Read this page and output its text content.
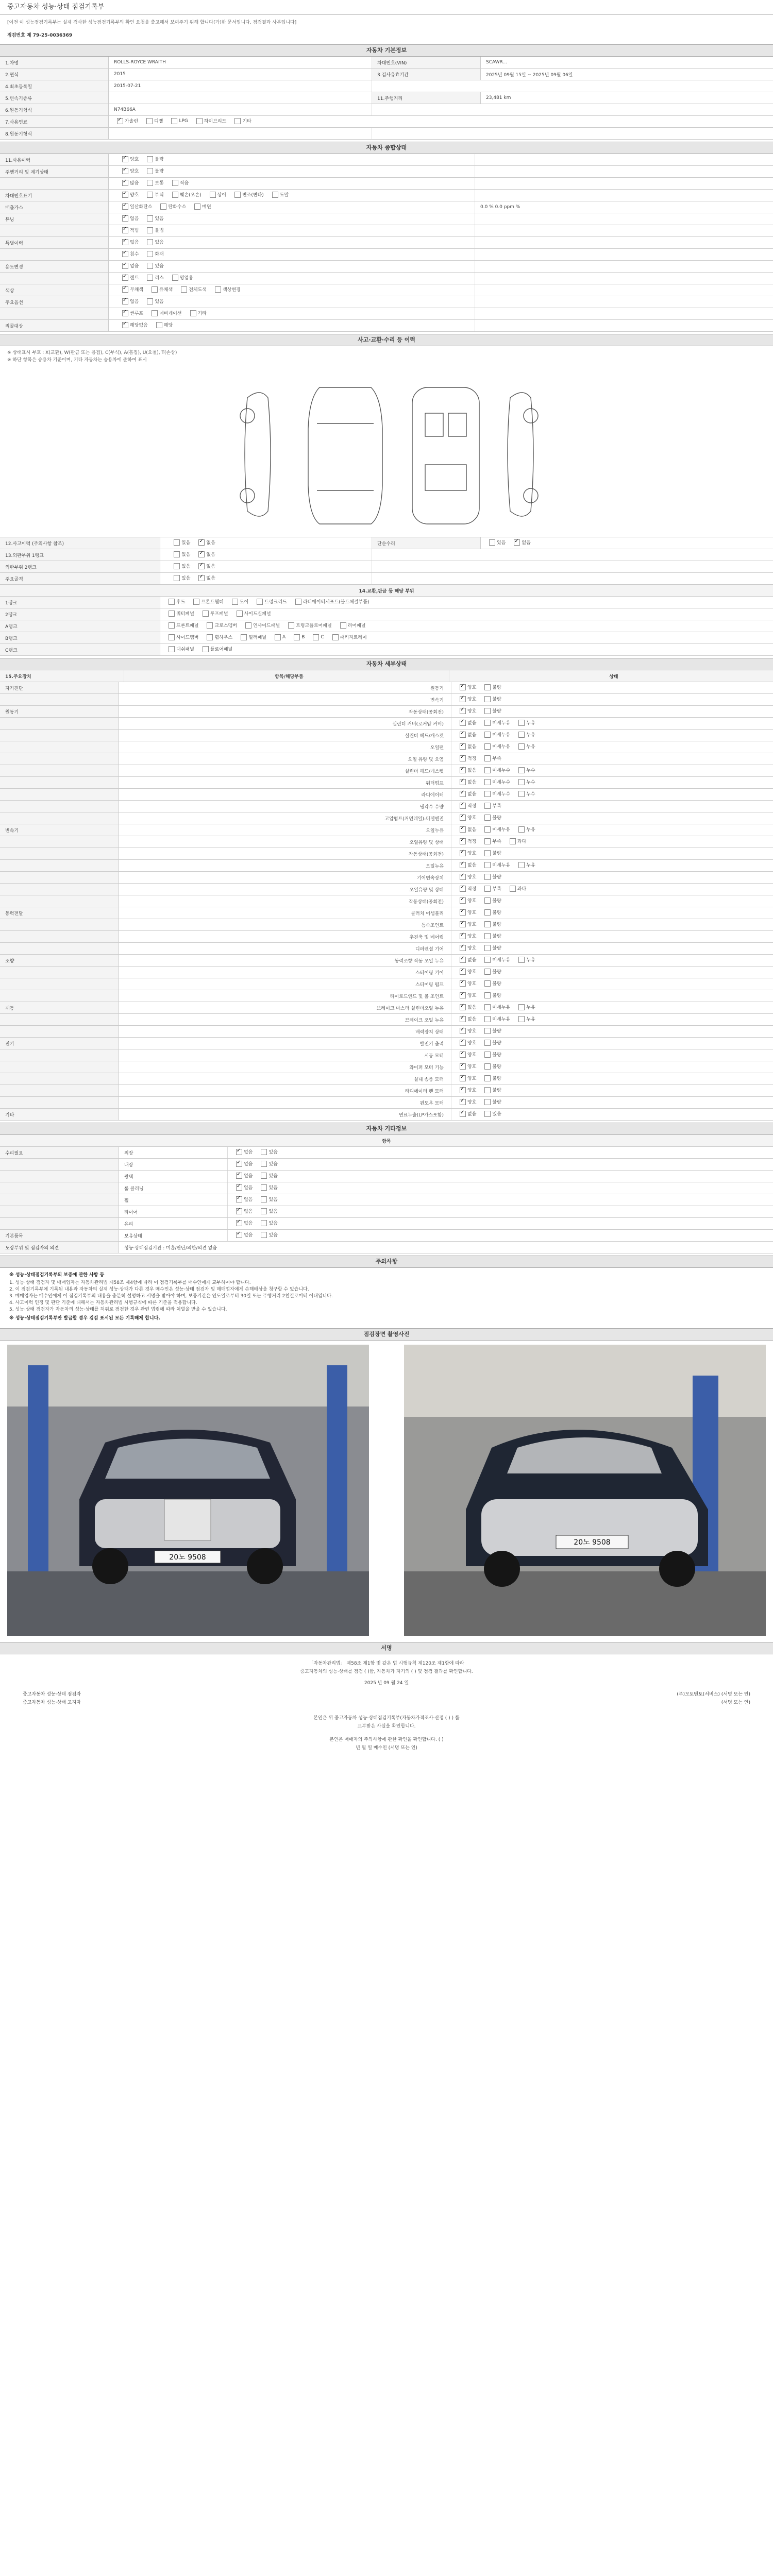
중고자동차 성능·상태 점검기록부
[이전 이 성능점검기록부는 실제 검사한 성능점검기록부의 확인 요청을 출고해서 보여주기 위해 합니다(가)한 문서입니다. 점검결과 사본입니다]
점검번호 제 79-25-0036369
자동차 기본정보
1.차명	ROLLS-ROYCE WRAITH	차대번호(VIN)	SCAWR...
2.연식	2015	3.검사유효기간	2025년 09월 15일 ~ 2025년 09월 06일
4.최초등록일	2015-07-21
5.변속기종류	11.주행거리	23,481 km
6.원동기형식	N74B66A
7.사용연료 ✓	가솔린	디젤	LPG	하이브리드	기타
8.원동기형식
자동차 종합상태
11.사용이력 ✓	양호	불량
주행거리 및 계기상태 ✓	양호	불량
✓
많음	보통	적음
차대번호표기 ✓	양호	부식	훼손(오손)	상이	변조(변타)	도말
배출가스 ✓	일산화탄소	탄화수소	매연	0.0 % 0.0 ppm %
튜닝 ✓	없음	있음
✓
적법	불법
특별이력 ✓	없음	있음
✓
침수	화재
용도변경 ✓	없음	있음
✓
렌트	리스	영업용
색상 ✓	무채색	유채색	전체도색	색상변경
주요옵션 ✓	없음	있음
✓
썬루프	네비게이션	기타
리콜대상 ✓	해당없음	해당
사고·교환·수리 등 이력
※ 상태표시 부호 : X(교환), W(판금 또는 용접), C(부식), A(흠집), U(요철), T(손상)
※ 하단 항목은 승용차 기준이며, 기타 자동차는 승용차에 준하여 표시
12.사고이력 (주의사항 참조)	있음 ✓	없음	단순수리	있음 ✓	없음
13.외판부위 1랭크	있음 ✓	없음
외판부위 2랭크	있음 ✓	없음
주요골격	있음 ✓	없음
14.교환,판금 등 해당 부위
1랭크	후드	프론트휀더	도어	트렁크리드	라디에이터서포트(볼트체결부품)
2랭크	쿼터패널	루프패널	사이드실패널
A랭크	프론트패널	크로스멤버	인사이드패널	트렁크플로어패널	리어패널
B랭크	사이드멤버	휠하우스	필러패널	A	B	C	패키지트레이
C랭크	대쉬패널	플로어패널
자동차 세부상태
15.주요장치	항목/해당부품	상태
자기진단	원동기 ✓	양호	불량
변속기 ✓	양호	불량
원동기	작동상태(공회전) ✓	양호	불량
실린더 커버(로커암 커버) ✓	없음	미세누유	누유
실린더 헤드/개스켓 ✓	없음	미세누유	누유
오일팬 ✓	없음	미세누유	누유
오일 유량 및 오염 ✓	적정	부족
실린더 헤드/개스켓 ✓	없음	미세누수	누수
워터펌프 ✓	없음	미세누수	누수
라디에이터 ✓	없음	미세누수	누수
냉각수 수량 ✓	적정	부족
고압펌프(커먼레일)-디젤엔진 ✓	양호	불량
변속기	오일누유 ✓	없음	미세누유	누유
오일유량 및 상태 ✓	적정	부족	과다
작동상태(공회전) ✓	양호	불량
오일누유 ✓	없음	미세누유	누유
기어변속장치 ✓	양호	불량
오일유량 및 상태 ✓	적정	부족	과다
작동상태(공회전) ✓	양호	불량
동력전달	클러치 어셈블리 ✓	양호	불량
등속조인트 ✓	양호	불량
추진축 및 베어링 ✓	양호	불량
디퍼렌셜 기어 ✓	양호	불량
조향	동력조향 작동 오일 누유 ✓	없음	미세누유	누유
스티어링 기어 ✓	양호	불량
스티어링 펌프 ✓	양호	불량
타이로드엔드 및 볼 조인트 ✓	양호	불량
제동	브레이크 마스터 실린더오일 누유 ✓	없음	미세누유	누유
브레이크 오일 누유 ✓	없음	미세누유	누유
배력장치 상태 ✓	양호	불량
전기	발전기 출력 ✓	양호	불량
시동 모터 ✓	양호	불량
와이퍼 모터 기능 ✓	양호	불량
실내 송풍 모터 ✓	양호	불량
라디에이터 팬 모터 ✓	양호	불량
윈도우 모터 ✓	양호	불량
기타	연료누출(LP가스포함) ✓	없음	있음
자동차 기타정보
항목
수리필요	외장 ✓	없음	있음
내장 ✓	없음	있음
광택 ✓	없음	있음
룸 클리닝 ✓	없음	있음
휠 ✓	없음	있음
타이어 ✓	없음	있음
유리 ✓	없음	있음
기본품목	보유상태 ✓	없음	있음
도장부위 및 점검자의 의견	성능·상태점검기관 : 미흡/판단/의한/의견 없음
주의사항
※ 성능·상태점검기록부의 보증에 관한 사항 등
1. 성능·상태 점검자 및 매매업자는 자동차관리법 제58조 제4항에 따라 이 점검기록부를 매수인에게 교부하여야 합니다.
2. 이 점검기록부에 기록된 내용과 자동차의 실제 성능·상태가 다른 경우 매수인은 성능·상태 점검자 및 매매업자에게 손해배상을 청구할 수 있습니다.
3. 매매업자는 매수인에게 이 점검기록부의 내용을 충분히 설명하고 서명을 받아야 하며, 보증기간은 인도일로부터 30일 또는 주행거리 2천킬로미터 이내입니다.
4. 사고이력 인정 및 판단 기준에 대해서는 자동차관리법 시행규칙에 따른 기준을 적용합니다.
5. 성능·상태 점검자가 자동차의 성능·상태를 허위로 점검한 경우 관련 법령에 따라 처벌을 받을 수 있습니다.
※ 성능·상태점검기록부만 발급할 경우 검검 표시된 모든 기록해제 합니다.
점검장면 촬영사진
20노 9508
20노 9508
서명
「자동차관리법」 제58조 제1항 및 같은 법 시행규칙 제120조 제1항에 따라
중고자동차의 성능·상태를 점검 ( )함, 자동차가 자기의 ( ) 및 점검 결과를 확인합니다.
2025 년 09 월 24 일
중고자동차 성능·상태 점검자	(주)모토멘토(서비스) (서명 또는 인)
중고자동차 성능·상태 고지자	(서명 또는 인)
본인은 위 중고자동차 성능·상태점검기록부(자동차가격조사·산정 ( ) ) 를
교부받은 사실을 확인합니다.
본인은 매매자의 주의사항에 관한 확인을 확인합니다. ( )
년 월 일 매수인 (서명 또는 인)
